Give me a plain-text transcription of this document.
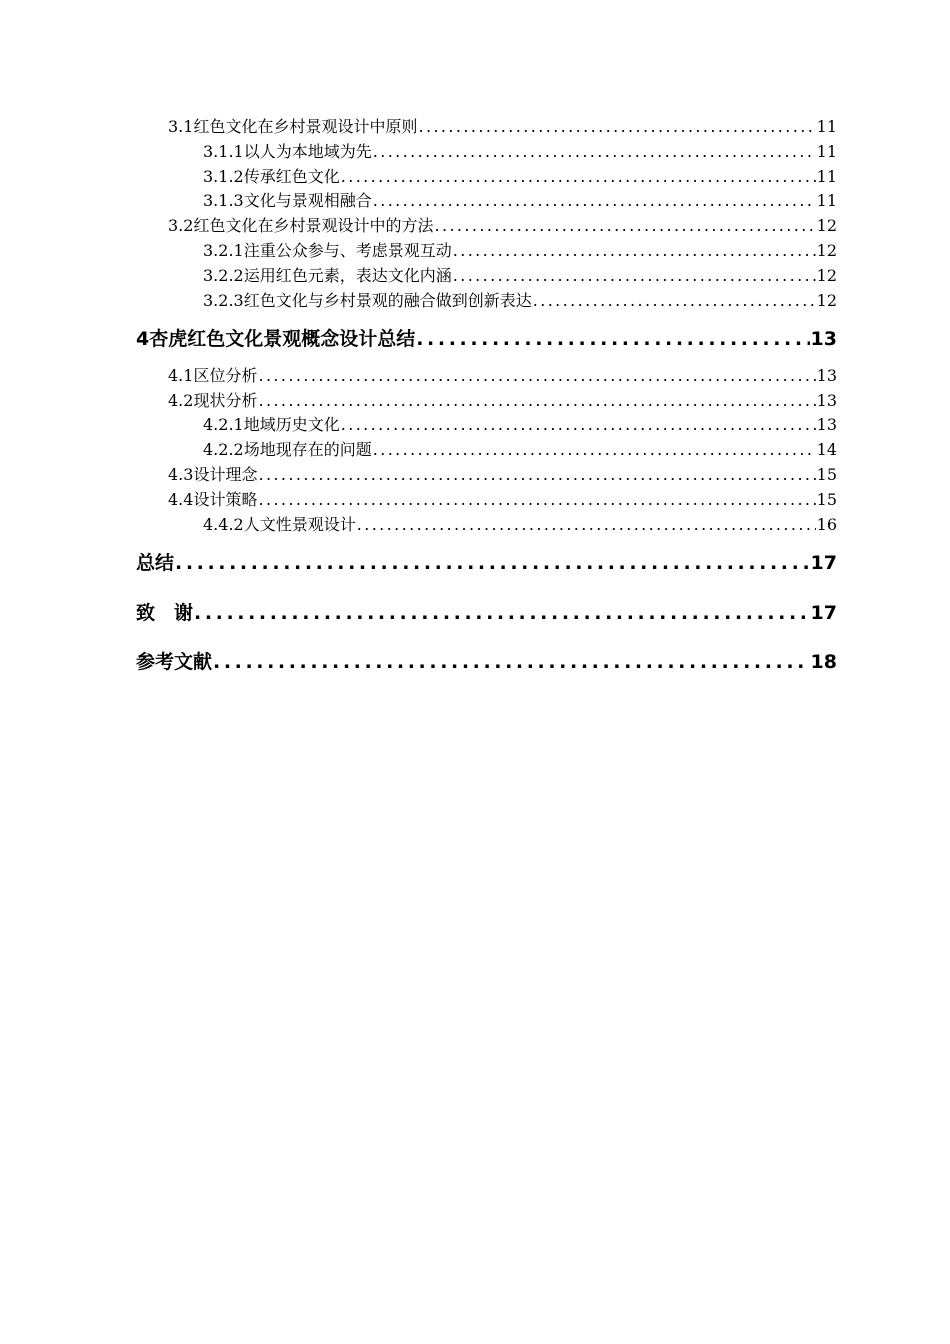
3.1红色文化在乡村景观设计中原则 .....	11
3.1.1以人为本地域为先 .....	11
3.1.2传承红色文化 .....	11
3.1.3文化与景观相融合 .....	11
3.2红色文化在乡村景观设计中的方法 .....	12
3.2.1注重公众参与、考虑景观互动 .....	12
3.2.2运用红色元素，表达文化内涵 .....	12
3.2.3红色文化与乡村景观的融合做到创新表达 .....	12
4杏虎红色文化景观概念设计总结 .....	13
4.1区位分析 .....	13
4.2现状分析 .....	13
4.2.1地域历史文化 .....	13
4.2.2场地现存在的问题 .....	14
4.3设计理念 .....	15
4.4设计策略 .....	15
4.4.2人文性景观设计 .....	16
总结 .....	17
致　谢 .....	17
参考文献 .....	18
